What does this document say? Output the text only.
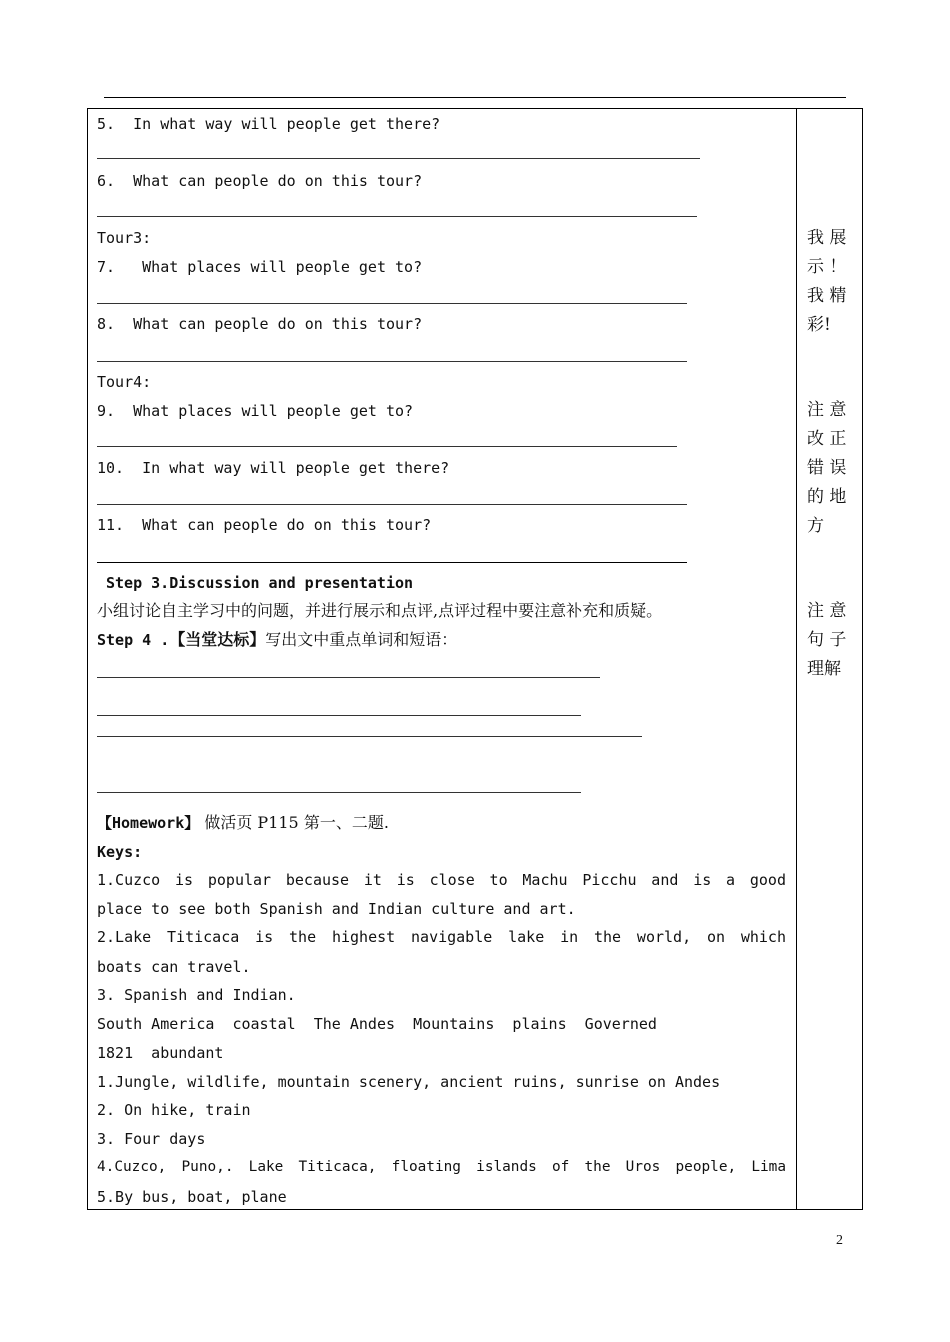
5.  In what way will people get there?
6.  What can people do on this tour?
Tour3:
7.   What places will people get to?
8.  What can people do on this tour?
Tour4:
9.  What places will people get to?
10.  In what way will people get there?
11.  What can people do on this tour?
Step 3.Discussion and presentation
小组讨论自主学习中的问题，并进行展示和点评,点评过程中要注意补充和质疑。
Step 4 .【当堂达标】写出文中重点单词和短语：
【Homework】 做活页 P115 第一、二题.
Keys:
1.Cuzco is popular because it is close to Machu Picchu and is a good
place to see both Spanish and Indian culture and art.
2.Lake Titicaca is the highest navigable lake in the world, on which
boats can travel.
3. Spanish and Indian.
South America  coastal  The Andes  Mountains  plains  Governed
1821  abundant
1.Jungle, wildlife, mountain scenery, ancient ruins, sunrise on Andes
2. On hike, train
3. Four days
4.Cuzco, Puno,. Lake Titicaca, floating islands of the Uros people, Lima
5.By bus, boat, plane
我 展
示 ！
我 精
彩!
注 意
改 正
错 误
的 地
方
注 意
句 子
理解
2
